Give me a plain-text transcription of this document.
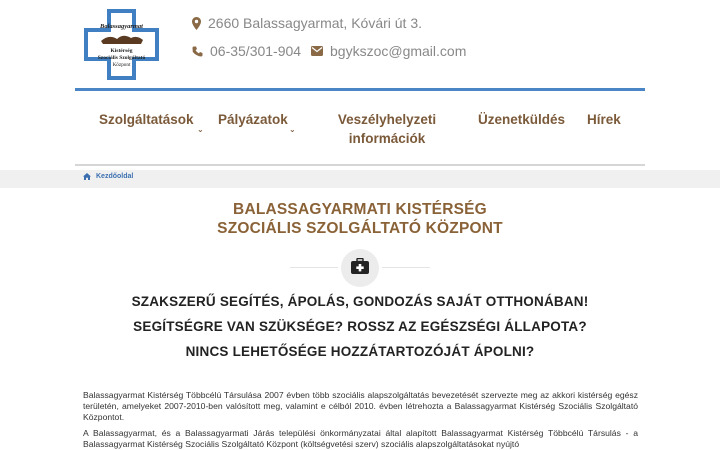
Balassagyarmat
Kistérség
Szociális Szolgáltató
Központ
2660 Balassagyarmat, Kóvári út 3.
06-35/301-904 bgykszoc@gmail.com
Szolgáltatások
⌄
Pályázatok
⌄
Veszélyhelyzeti
információk
Üzenetküldés Hírek
Kezdőoldal
BALASSAGYARMATI KISTÉRSÉG
SZOCIÁLIS SZOLGÁLTATÓ KÖZPONT
SZAKSZERŰ SEGÍTÉS, ÁPOLÁS, GONDOZÁS SAJÁT OTTHONÁBAN!
SEGÍTSÉGRE VAN SZÜKSÉGE? ROSSZ AZ EGÉSZSÉGI ÁLLAPOTA?
NINCS LEHETŐSÉGE HOZZÁTARTOZÓJÁT ÁPOLNI?
Balassagyarmat Kistérség Többcélú Társulása 2007 évben több szociális alapszolgáltatás bevezetését szervezte meg az akkori kistérség egész területén, amelyeket 2007-2010-ben valósított meg, valamint e célból 2010. évben létrehozta a Balassagyarmat Kistérség Szociális Szolgáltató Központot.
A Balassagyarmat, és a Balassagyarmati Járás települési önkormányzatai által alapított Balassagyarmat Kistérség Többcélú Társulás - a Balassagyarmat Kistérség Szociális Szolgáltató Központ (költségvetési szerv) szociális alapszolgáltatásokat nyújtó
